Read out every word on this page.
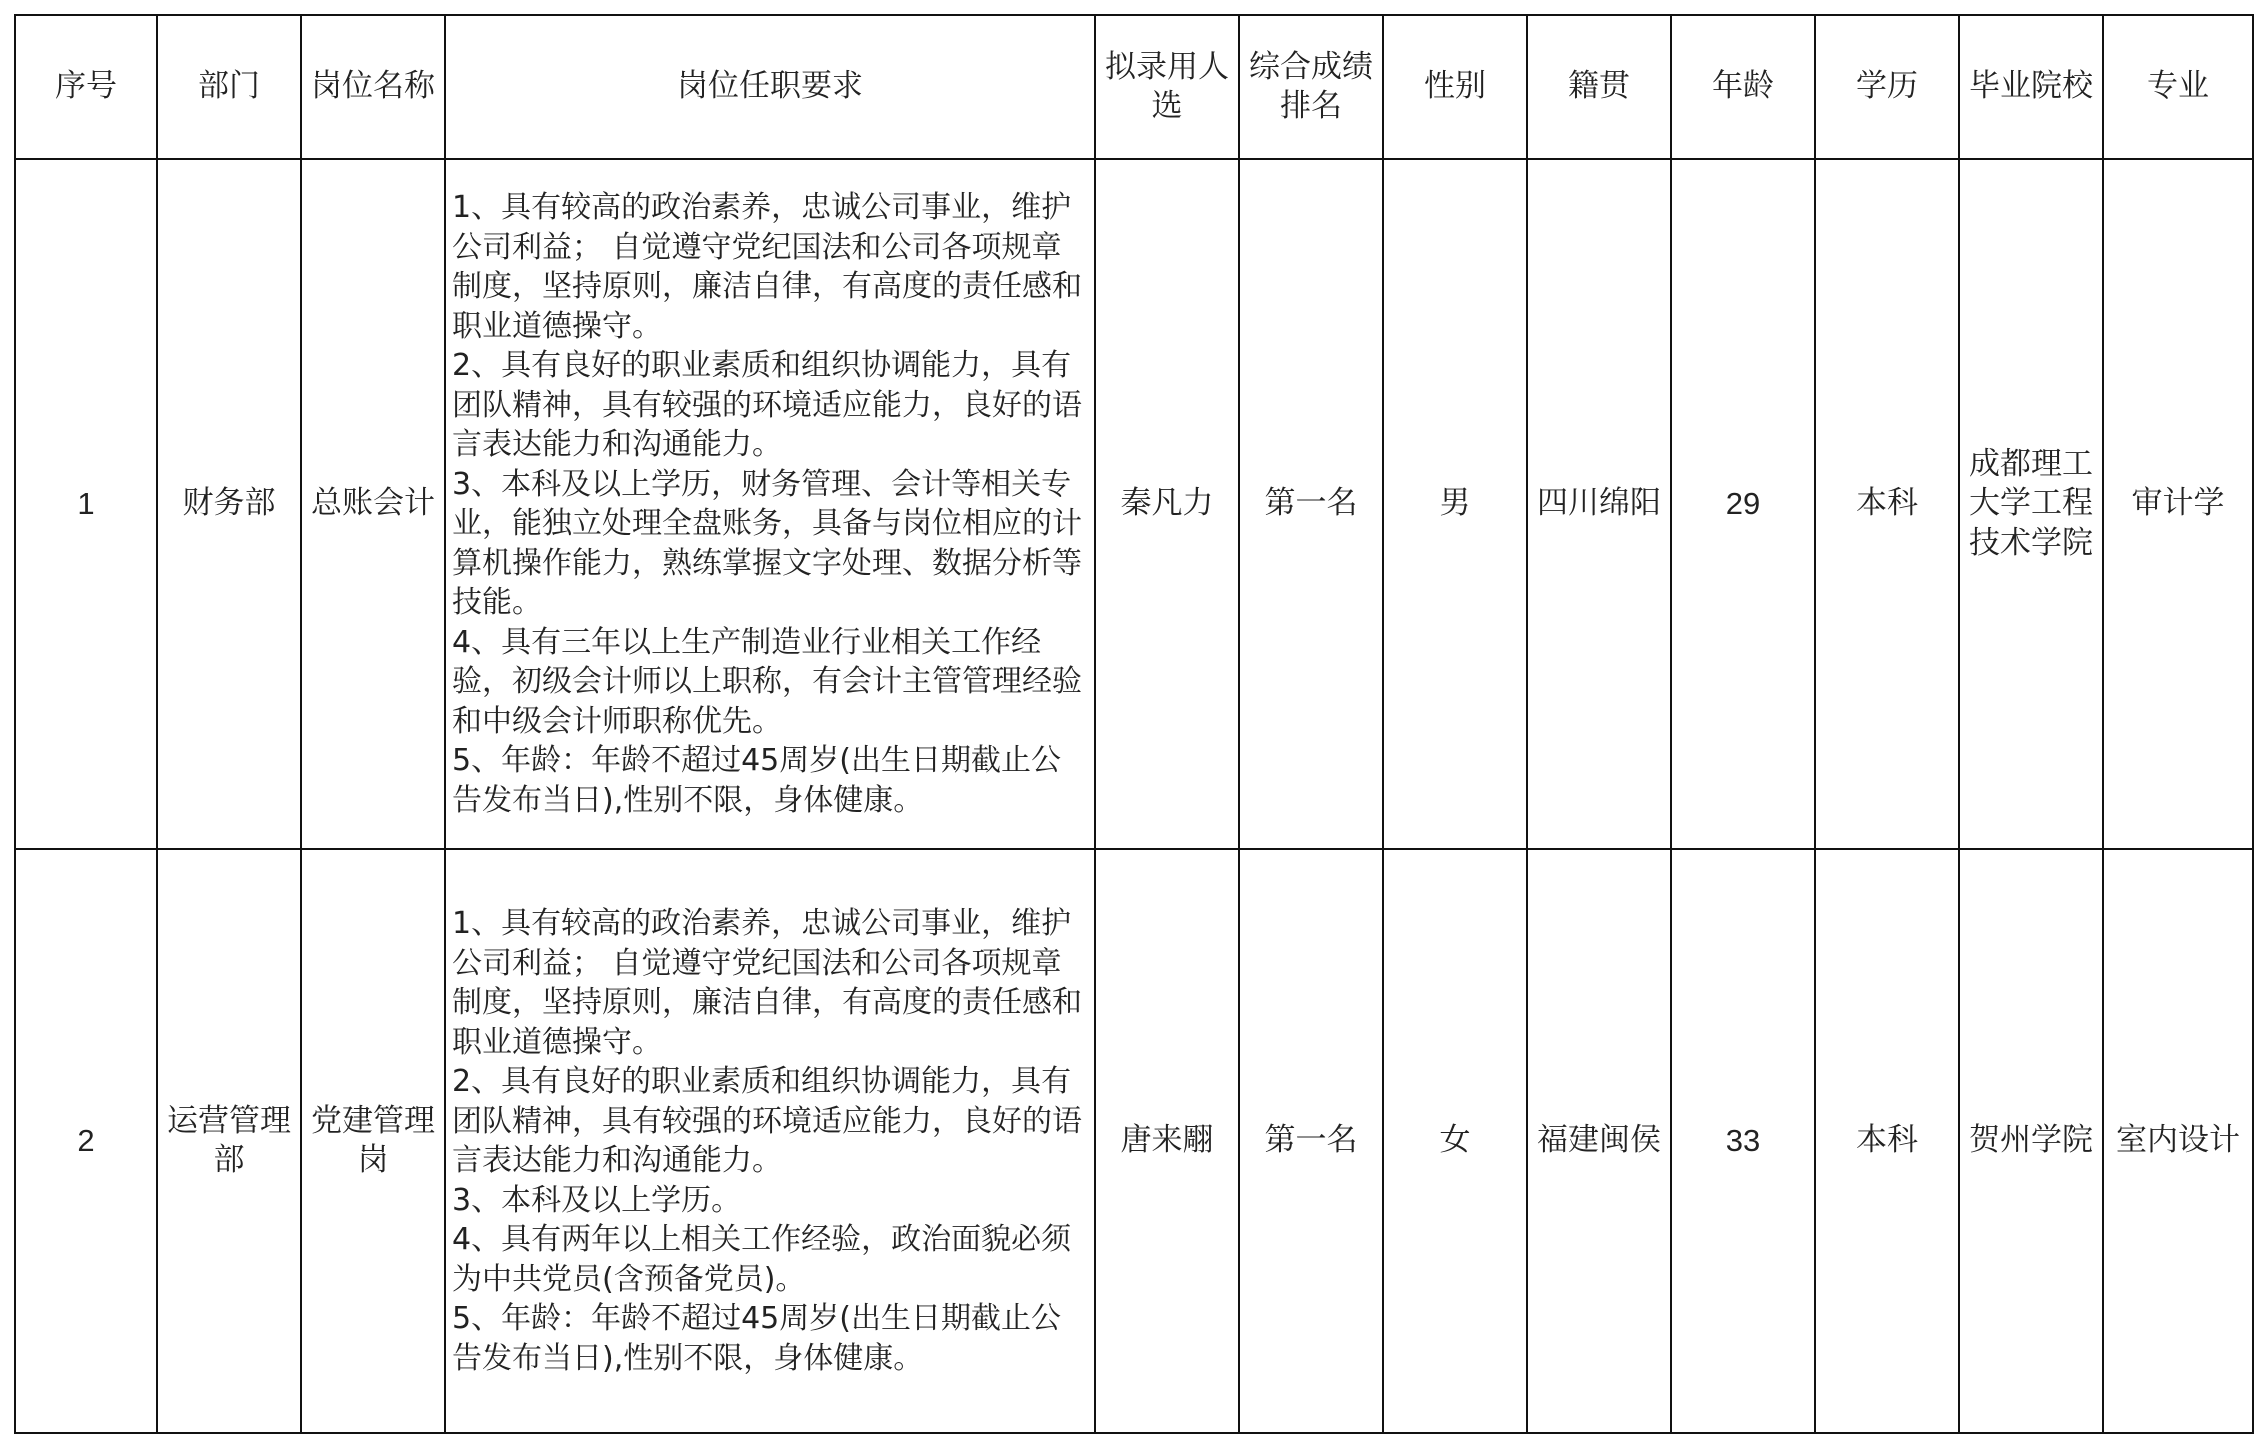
序号	部门	岗位名称	岗位任职要求	拟录用人选	综合成绩排名	性别	籍贯	年龄	学历	毕业院校	专业
1	财务部	总账会计	1、具有较高的政治素养，忠诚公司事业，维护公司利益； 自觉遵守党纪国法和公司各项规章制度，坚持原则，廉洁自律，有高度的责任感和职业道德操守。
2、具有良好的职业素质和组织协调能力，具有团队精神，具有较强的环境适应能力，良好的语言表达能力和沟通能力。
3、本科及以上学历，财务管理、会计等相关专业，能独立处理全盘账务，具备与岗位相应的计算机操作能力，熟练掌握文字处理、数据分析等技能。
4、具有三年以上生产制造业行业相关工作经验，初级会计师以上职称，有会计主管管理经验和中级会计师职称优先。
5、年龄：年龄不超过45周岁(出生日期截止公告发布当日),性别不限，身体健康。	秦凡力	第一名	男	四川绵阳	29	本科	成都理工大学工程技术学院	审计学
2	运营管理部	党建管理岗	1、具有较高的政治素养，忠诚公司事业，维护公司利益； 自觉遵守党纪国法和公司各项规章制度，坚持原则，廉洁自律，有高度的责任感和职业道德操守。
2、具有良好的职业素质和组织协调能力，具有团队精神，具有较强的环境适应能力，良好的语言表达能力和沟通能力。
3、本科及以上学历。
4、具有两年以上相关工作经验，政治面貌必须为中共党员(含预备党员)。
5、年龄：年龄不超过45周岁(出生日期截止公告发布当日),性别不限，身体健康。	唐来翢	第一名	女	福建闽侯	33	本科	贺州学院	室内设计
